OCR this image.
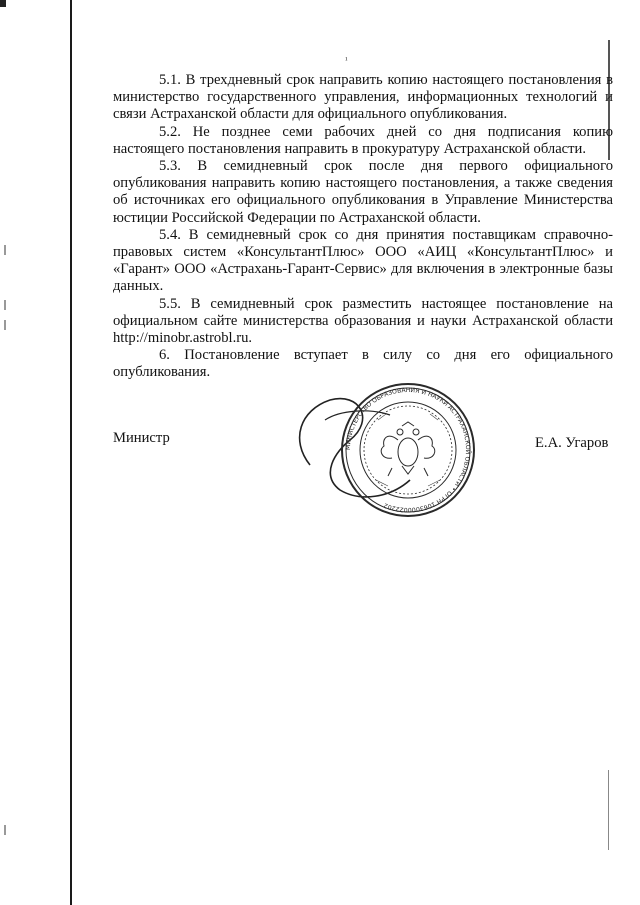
¹

5.1. В трехдневный срок направить копию настоящего постановления в министерство государственного управления, информационных технологий и связи Астраханской области для официального опубликования.

5.2. Не позднее семи рабочих дней со дня подписания копию настоящего постановления направить в прокуратуру Астраханской области.

5.3. В семидневный срок после дня первого официального опубликования направить копию настоящего постановления, а также сведения об источниках его официального опубликования в Управление Министерства юстиции Российской Федерации по Астраханской области.

5.4. В семидневный срок со дня принятия поставщикам справочно-правовых систем «КонсультантПлюс» ООО «АИЦ «КонсультантПлюс» и «Гарант» ООО «Астрахань-Гарант-Сервис» для включения в электронные базы данных.

5.5. В семидневный срок разместить настоящее постановление на официальном сайте министерства образования и науки Астраханской области http://minobr.astrobl.ru.

6. Постановление вступает в силу со дня его официального опубликования.

Министр	Е.А. Угаров
МИНИСТЕРСТВО ОБРАЗОВАНИЯ И НАУКИ АСТРАХАНСКОЙ ОБЛАСТИ • ОГРН 1063000022202
